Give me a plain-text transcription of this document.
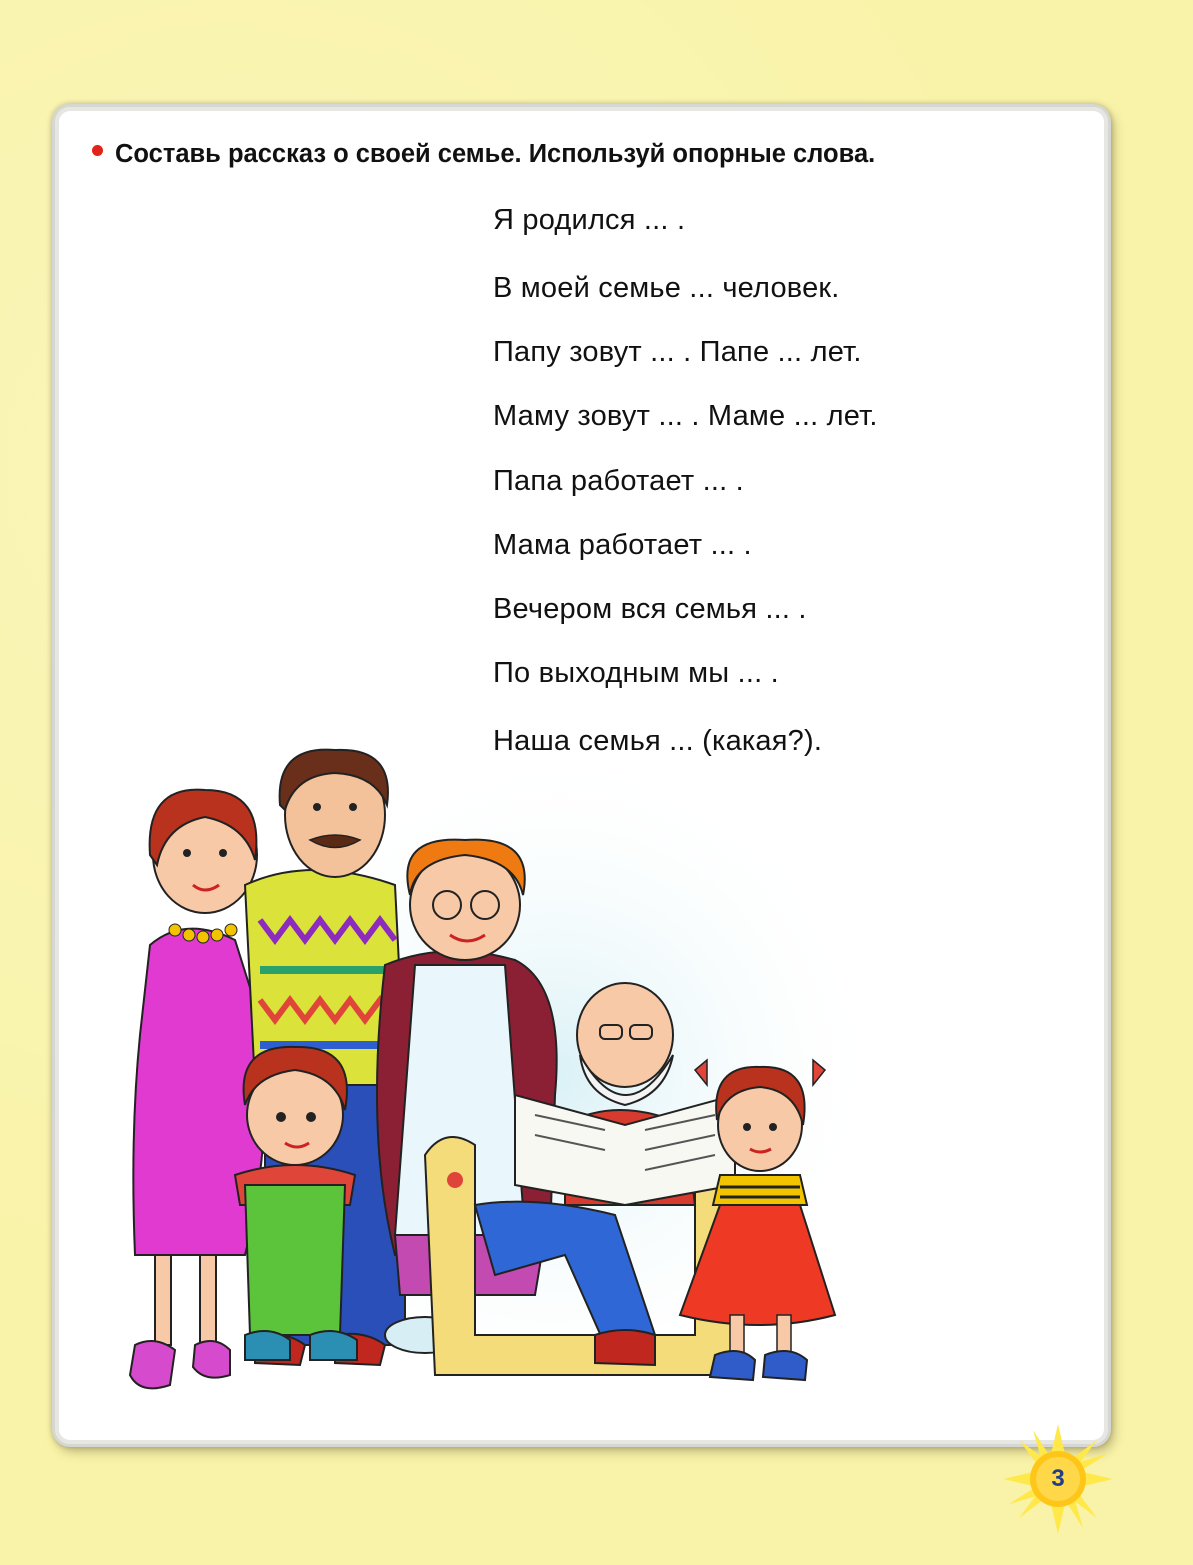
Составь рассказ о своей семье. Используй опорные слова.
Я родился ... .
В моей семье ... человек.
Папу зовут ... . Папе ... лет.
Маму зовут ... . Маме ... лет.
Папа работает ... .
Мама работает ... .
Вечером вся семья ... .
По выходным мы ... .
Наша семья ... (какая?).
3
